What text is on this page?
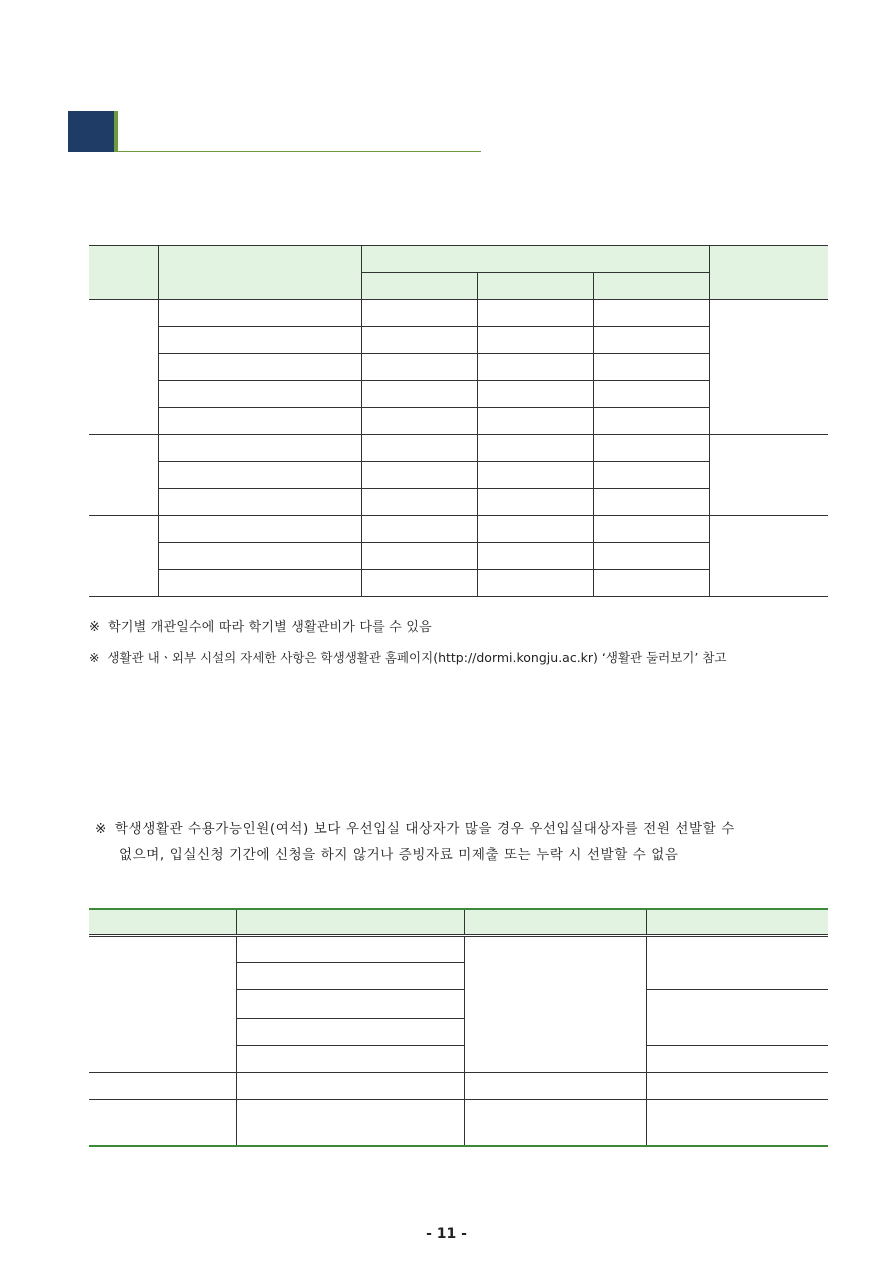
※ 학기별 개관일수에 따라 학기별 생활관비가 다를 수 있음
※ 생활관 내ㆍ외부 시설의 자세한 사항은 학생생활관 홈페이지(http://dormi.kongju.ac.kr) ‘생활관 둘러보기’ 참고
※ 학생생활관 수용가능인원(여석) 보다 우선입실 대상자가 많을 경우 우선입실대상자를 전원 선발할 수
없으며, 입실신청 기간에 신청을 하지 않거나 증빙자료 미제출 또는 누락 시 선발할 수 없음

- 11 -
